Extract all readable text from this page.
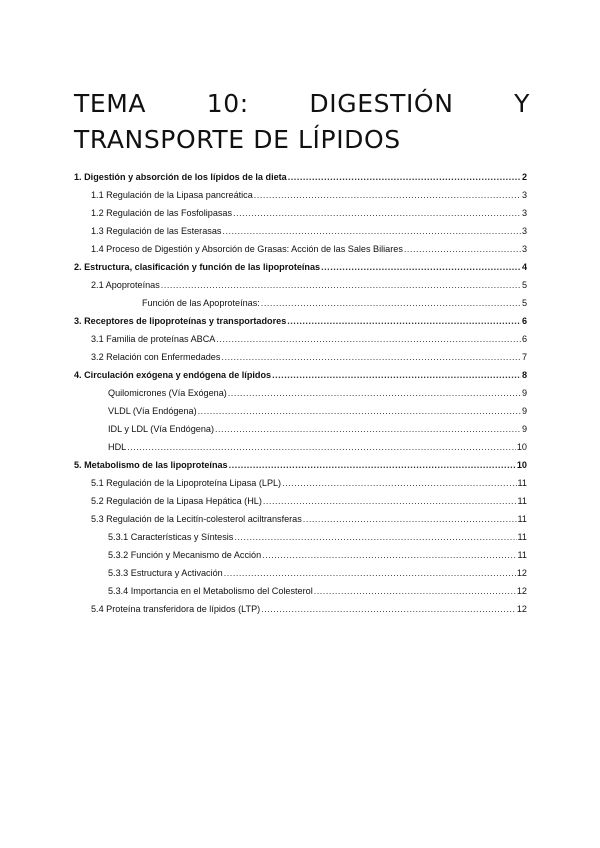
TEMA 10: DIGESTIÓN Y TRANSPORTE DE LÍPIDOS
1. Digestión y absorción de los lípidos de la dieta .....	2
1.1 Regulación de la Lipasa pancreática .....	3
1.2 Regulación de las Fosfolipasas .....	3
1.3 Regulación de las Esterasas .....	3
1.4 Proceso de Digestión y Absorción de Grasas: Acción de las Sales Biliares .....	3
2. Estructura, clasificación y función de las lipoproteínas .....	4
2.1 Apoproteínas .....	5
Función de las Apoproteínas: .....	5
3. Receptores de lipoproteínas y transportadores .....	6
3.1 Familia de proteínas ABCA .....	6
3.2 Relación con Enfermedades .....	7
4. Circulación exógena y endógena de lípidos .....	8
Quilomicrones (Vía Exógena) .....	9
VLDL (Vía Endógena) .....	9
IDL y LDL (Vía Endógena) .....	9
HDL .....	10
5. Metabolismo de las lipoproteínas .....	10
5.1 Regulación de la Lipoproteína Lipasa (LPL) .....	11
5.2 Regulación de la Lipasa Hepática (HL) .....	11
5.3 Regulación de la Lecitín-colesterol aciltransferas .....	11
5.3.1 Características y Síntesis .....	11
5.3.2 Función y Mecanismo de Acción .....	11
5.3.3 Estructura y Activación .....	12
5.3.4 Importancia en el Metabolismo del Colesterol .....	12
5.4 Proteína transferidora de lípidos (LTP) .....	12
